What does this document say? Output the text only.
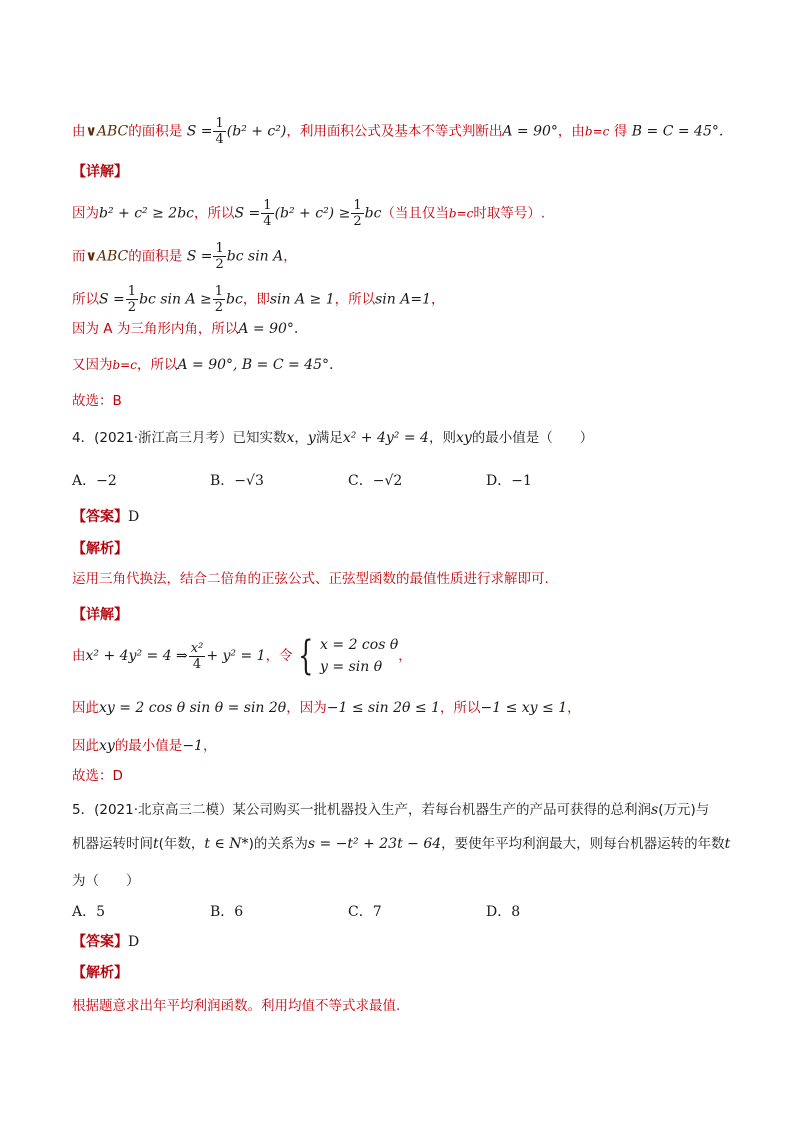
由∨ABC的面积是 $S = \frac{1}{4} (b^2 + c^2)$，利用面积公式及基本不等式判断出A = 90°，由b=c 得 B = C = 45°.
【详解】
因为b² + c² ≥ 2bc，所以$S = \frac{1}{4} (b^2 + c^2) \ge \frac{1}{2} bc$（当且仅当b=c时取等号）.
而∨ABC的面积是 $S = \frac{1}{2}$ bc sin A，
所以$S = \frac{1}{2}$ bc $\sin A \ge \frac{1}{2}$ bc，即sin A ≥ 1，所以sin A=1，
因为 A 为三角形内角，所以A = 90°.
又因为b=c，所以A = 90°, B = C = 45°.
故选：B
4．(2021·浙江高三月考）已知实数x，y满足x² + 4y² = 4，则xy的最小值是（　　）
A．−2	B．−√3	C．−√2	D．−1
【答案】D
【解析】
运用三角代换法，结合二倍角的正弦公式、正弦型函数的最值性质进行求解即可.
【详解】
由x² + 4y² = 4 ⇒ $\frac{\text{x²}}{4} + y^2 = 1$，令 { x = 2 cos θ
y = sin θ
，
因此xy = 2 cos θ sin θ = sin 2θ，因为−1 ≤ sin 2θ ≤ 1，所以−1 ≤ xy ≤ 1，
因此xy的最小值是−1，
故选：D
5．(2021·北京高三二模）某公司购买一批机器投入生产，若每台机器生产的产品可获得的总利润s(万元)与
机器运转时间t(年数，t ∈ N*)的关系为s = −t² + 23t − 64，要使年平均利润最大，则每台机器运转的年数t
为（　　）
A．5	B．6	C．7	D．8
【答案】D
【解析】
根据题意求出年平均利润函数。利用均值不等式求最值.
